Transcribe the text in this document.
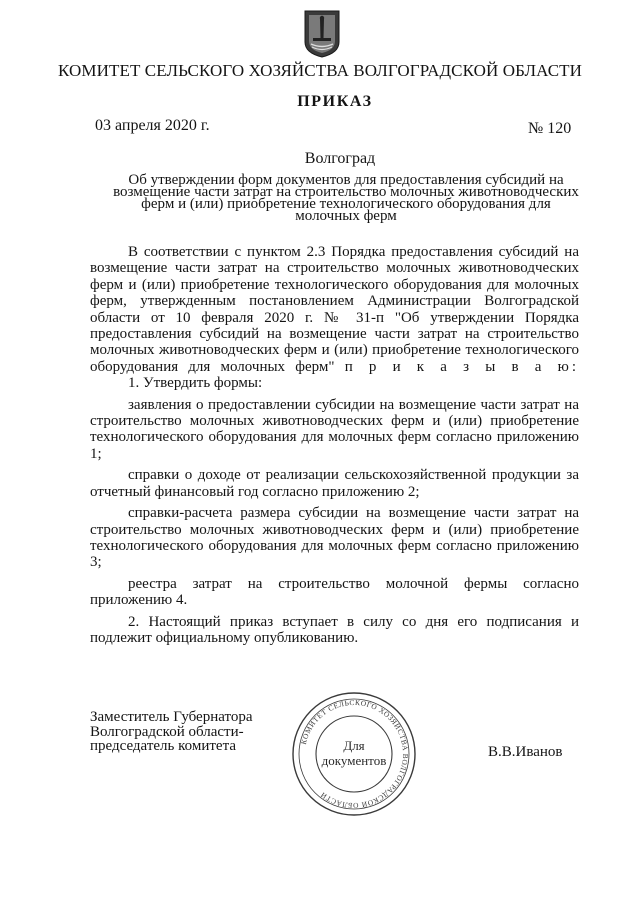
КОМИТЕТ СЕЛЬСКОГО ХОЗЯЙСТВА ВОЛГОГРАДСКОЙ ОБЛАСТИ
ПРИКАЗ
03 апреля 2020 г.	№ 120
Волгоград
Об утверждении форм документов для предоставления субсидий на возмещение части затрат на строительство молочных животноводческих ферм и (или) приобретение технологического оборудования для молочных ферм

В соответствии с пунктом 2.3 Порядка предоставления субсидий на возмещение части затрат на строительство молочных животноводческих ферм и (или) приобретение технологического оборудования для молочных ферм, утвержденным постановлением Администрации Волгоградской области от 10 февраля 2020 г. № 31-п "Об утверждении Порядка предоставления субсидий на возмещение части затрат на строительство молочных животноводческих ферм и (или) приобретение технологического оборудования для молочных ферм" п р и к а з ы в а ю:

1. Утвердить формы:

заявления о предоставлении субсидии на возмещение части затрат на строительство молочных животноводческих ферм и (или) приобретение технологического оборудования для молочных ферм согласно приложению 1;

справки о доходе от реализации сельскохозяйственной продукции за отчетный финансовый год согласно приложению 2;

справки-расчета размера субсидии на возмещение части затрат на строительство молочных животноводческих ферм и (или) приобретение технологического оборудования для молочных ферм согласно приложению 3;

реестра затрат на строительство молочной фермы согласно приложению 4.

2. Настоящий приказ вступает в силу со дня его подписания и подлежит официальному опубликованию.

Заместитель Губернатора
Волгоградской области-
председатель комитета	В.В.Иванов
КОМИТЕТ СЕЛЬСКОГО ХОЗЯЙСТВА ВОЛГОГРАДСКОЙ ОБЛАСТИ
Для
документов
